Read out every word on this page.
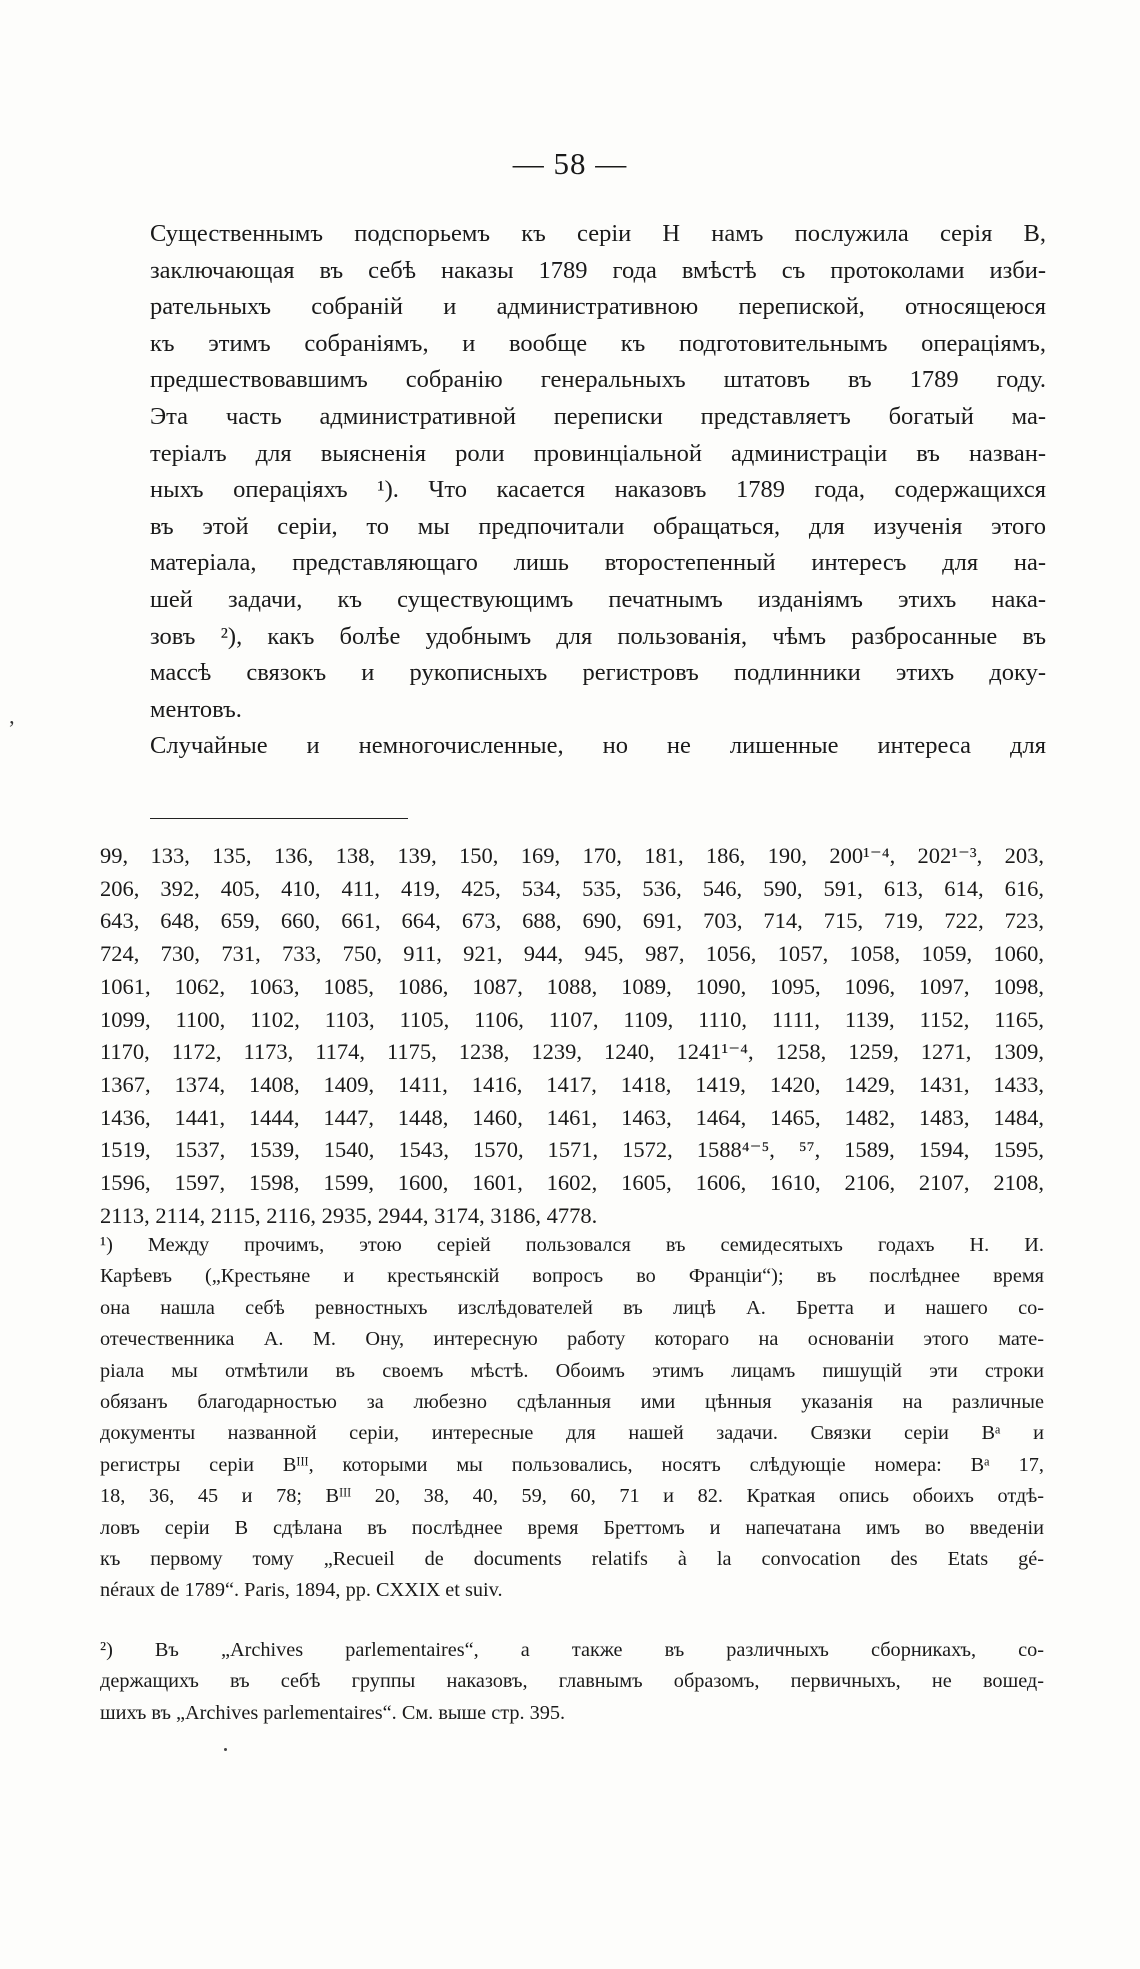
— 58 —
Существеннымъ подспорьемъ къ серіи H намъ послужила серія B,
заключающая въ себѣ наказы 1789 года вмѣстѣ съ протоколами изби-
рательныхъ собраній и административною перепиской, относящеюся
къ этимъ собраніямъ, и вообще къ подготовительнымъ операціямъ,
предшествовавшимъ собранію генеральныхъ штатовъ въ 1789 году.
Эта часть административной переписки представляетъ богатый ма-
теріалъ для выясненія роли провинціальной администраціи въ назван-
ныхъ операціяхъ ¹). Что касается наказовъ 1789 года, содержащихся
въ этой серіи, то мы предпочитали обращаться, для изученія этого
матеріала, представляющаго лишь второстепенный интересъ для на-
шей задачи, къ существующимъ печатнымъ изданіямъ этихъ нака-
зовъ ²), какъ болѣе удобнымъ для пользованія, чѣмъ разбросанные въ
массѣ связокъ и рукописныхъ регистровъ подлинники этихъ доку-
ментовъ.
Случайные и немногочисленные, но не лишенные интереса для
ʼ
99, 133, 135, 136, 138, 139, 150, 169, 170, 181, 186, 190, 200¹⁻⁴, 202¹⁻³, 203,
206, 392, 405, 410, 411, 419, 425, 534, 535, 536, 546, 590, 591, 613, 614, 616,
643, 648, 659, 660, 661, 664, 673, 688, 690, 691, 703, 714, 715, 719, 722, 723,
724, 730, 731, 733, 750, 911, 921, 944, 945, 987, 1056, 1057, 1058, 1059, 1060,
1061, 1062, 1063, 1085, 1086, 1087, 1088, 1089, 1090, 1095, 1096, 1097, 1098,
1099, 1100, 1102, 1103, 1105, 1106, 1107, 1109, 1110, 1111, 1139, 1152, 1165,
1170, 1172, 1173, 1174, 1175, 1238, 1239, 1240, 1241¹⁻⁴, 1258, 1259, 1271, 1309,
1367, 1374, 1408, 1409, 1411, 1416, 1417, 1418, 1419, 1420, 1429, 1431, 1433,
1436, 1441, 1444, 1447, 1448, 1460, 1461, 1463, 1464, 1465, 1482, 1483, 1484,
1519, 1537, 1539, 1540, 1543, 1570, 1571, 1572, 1588⁴⁻⁵, ⁵⁷, 1589, 1594, 1595,
1596, 1597, 1598, 1599, 1600, 1601, 1602, 1605, 1606, 1610, 2106, 2107, 2108,
2113, 2114, 2115, 2116, 2935, 2944, 3174, 3186, 4778.
¹) Между прочимъ, этою серіей пользовался въ семидесятыхъ годахъ Н. И.
Карѣевъ („Крестьяне и крестьянскій вопросъ во Франціи“); въ послѣднее время
она нашла себѣ ревностныхъ изслѣдователей въ лицѣ А. Бретта и нашего со-
отечественника А. М. Ону, интересную работу котораго на основаніи этого мате-
ріала мы отмѣтили въ своемъ мѣстѣ. Обоимъ этимъ лицамъ пишущій эти строки
обязанъ благодарностью за любезно сдѣланныя ими цѣнныя указанія на различные
документы названной серіи, интересные для нашей задачи. Связки серіи Bᵃ и
регистры серіи Bᴵᴵᴵ, которыми мы пользовались, носятъ слѣдующіе номера: Bᵃ 17,
18, 36, 45 и 78; Bᴵᴵᴵ 20, 38, 40, 59, 60, 71 и 82. Краткая опись обоихъ отдѣ-
ловъ серіи B сдѣлана въ послѣднее время Бреттомъ и напечатана имъ во введеніи
къ первому тому „Recueil de documents relatifs à la convocation des Etats gé-
néraux de 1789“. Paris, 1894, pp. CXXIX et suiv.
²) Въ „Archives parlementaires“, а также въ различныхъ сборникахъ, со-
держащихъ въ себѣ группы наказовъ, главнымъ образомъ, первичныхъ, не вошед-
шихъ въ „Archives parlementaires“. См. выше стр. 395.
